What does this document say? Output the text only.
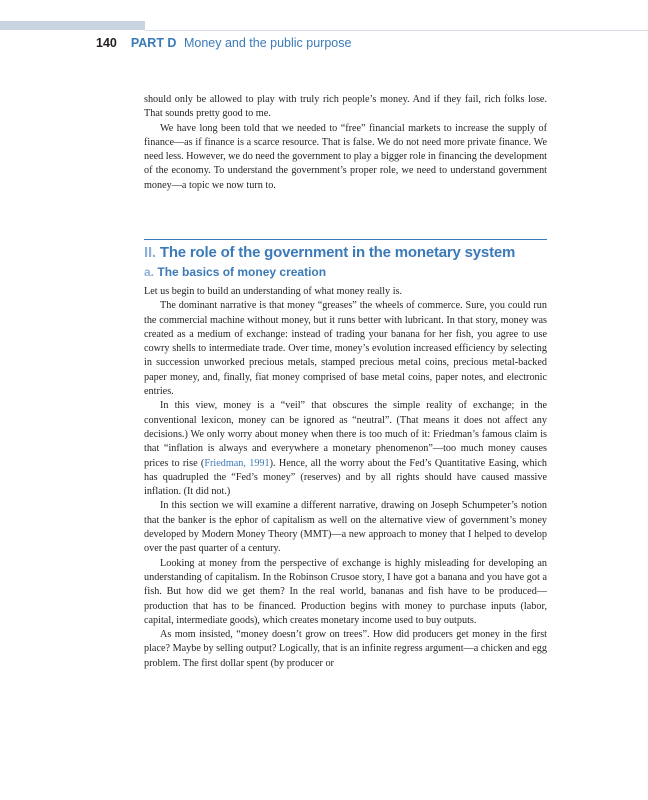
140 PART D Money and the public purpose

should only be allowed to play with truly rich people’s money. And if they fail, rich folks lose. That sounds pretty good to me.

We have long been told that we needed to “free” financial markets to increase the supply of finance—as if finance is a scarce resource. That is false. We do not need more private finance. We need less. However, we do need the government to play a bigger role in financing the development of the economy. To understand the government’s proper role, we need to understand government money—a topic we now turn to.

II. The role of the government in the monetary system
a. The basics of money creation

Let us begin to build an understanding of what money really is.

The dominant narrative is that money “greases” the wheels of commerce. Sure, you could run the commercial machine without money, but it runs better with lubricant. In that story, money was created as a medium of exchange: instead of trading your banana for her fish, you agree to use cowry shells to intermediate trade. Over time, money’s evolution increased efficiency by selecting in succession unworked precious metals, stamped precious metal coins, precious metal-backed paper money, and, finally, fiat money comprised of base metal coins, paper notes, and electronic entries.

In this view, money is a “veil” that obscures the simple reality of exchange; in the conventional lexicon, money can be ignored as “neutral”. (That means it does not affect any decisions.) We only worry about money when there is too much of it: Friedman’s famous claim is that “inflation is always and everywhere a monetary phenomenon”—too much money causes prices to rise (Friedman, 1991). Hence, all the worry about the Fed’s Quantitative Easing, which has quadrupled the “Fed’s money” (reserves) and by all rights should have caused massive inflation. (It did not.)

In this section we will examine a different narrative, drawing on Joseph Schumpeter’s notion that the banker is the ephor of capitalism as well on the alternative view of government’s money developed by Modern Money Theory (MMT)—a new approach to money that I helped to develop over the past quarter of a century.

Looking at money from the perspective of exchange is highly misleading for developing an understanding of capitalism. In the Robinson Crusoe story, I have got a banana and you have got a fish. But how did we get them? In the real world, bananas and fish have to be produced—production that has to be financed. Production begins with money to purchase inputs (labor, capital, intermediate goods), which creates monetary income used to buy outputs.

As mom insisted, “money doesn’t grow on trees”. How did producers get money in the first place? Maybe by selling output? Logically, that is an infinite regress argument—a chicken and egg problem. The first dollar spent (by producer or
